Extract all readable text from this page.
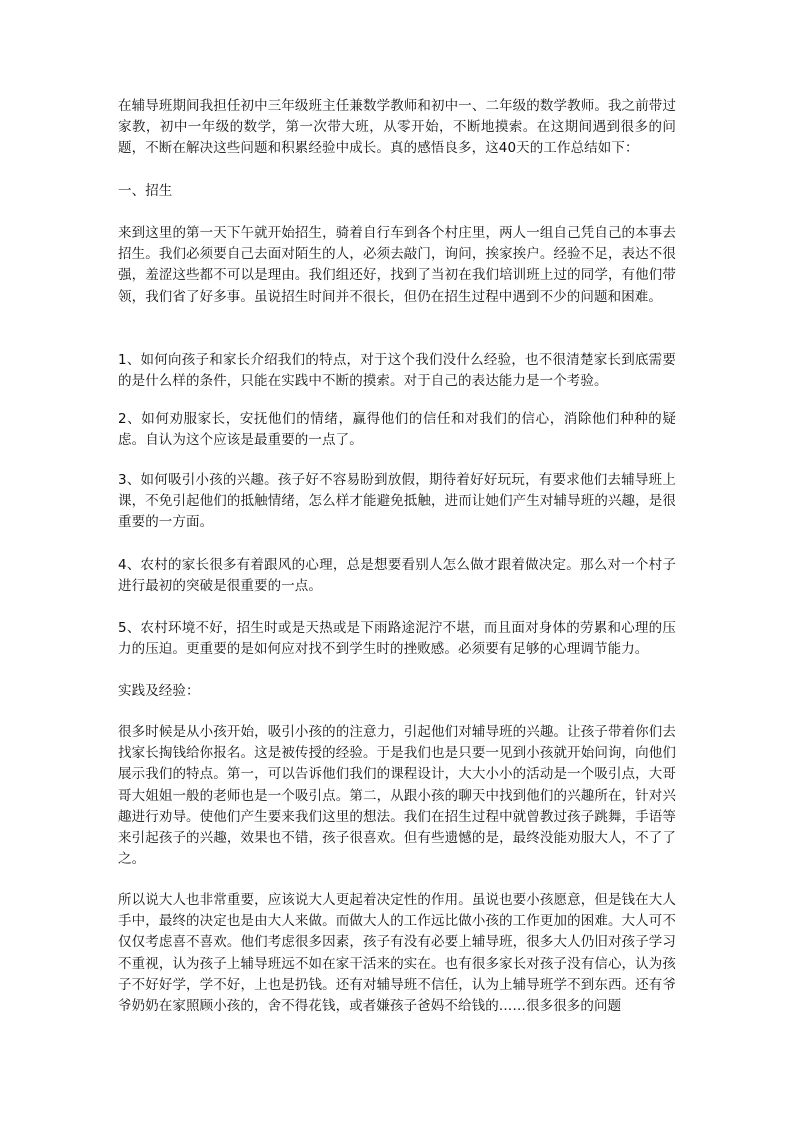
在辅导班期间我担任初中三年级班主任兼数学教师和初中一、二年级的数学教师。我之前带过家教，初中一年级的数学，第一次带大班，从零开始，不断地摸索。在这期间遇到很多的问题，不断在解决这些问题和积累经验中成长。真的感悟良多，这40天的工作总结如下：

一、招生

来到这里的第一天下午就开始招生，骑着自行车到各个村庄里，两人一组自己凭自己的本事去招生。我们必须要自己去面对陌生的人，必须去敲门，询问，挨家挨户。经验不足，表达不很强，羞涩这些都不可以是理由。我们组还好，找到了当初在我们培训班上过的同学，有他们带领，我们省了好多事。虽说招生时间并不很长，但仍在招生过程中遇到不少的问题和困难。

1、如何向孩子和家长介绍我们的特点，对于这个我们没什么经验，也不很清楚家长到底需要的是什么样的条件，只能在实践中不断的摸索。对于自己的表达能力是一个考验。

2、如何劝服家长，安抚他们的情绪，赢得他们的信任和对我们的信心，消除他们种种的疑虑。自认为这个应该是最重要的一点了。

3、如何吸引小孩的兴趣。孩子好不容易盼到放假，期待着好好玩玩，有要求他们去辅导班上课，不免引起他们的抵触情绪，怎么样才能避免抵触，进而让她们产生对辅导班的兴趣，是很重要的一方面。

4、农村的家长很多有着跟风的心理，总是想要看别人怎么做才跟着做决定。那么对一个村子进行最初的突破是很重要的一点。

5、农村环境不好，招生时或是天热或是下雨路途泥泞不堪，而且面对身体的劳累和心理的压力的压迫。更重要的是如何应对找不到学生时的挫败感。必须要有足够的心理调节能力。

实践及经验：

很多时候是从小孩开始，吸引小孩的的注意力，引起他们对辅导班的兴趣。让孩子带着你们去找家长掏钱给你报名。这是被传授的经验。于是我们也是只要一见到小孩就开始问询，向他们展示我们的特点。第一，可以告诉他们我们的课程设计，大大小小的活动是一个吸引点，大哥哥大姐姐一般的老师也是一个吸引点。第二，从跟小孩的聊天中找到他们的兴趣所在，针对兴趣进行劝导。使他们产生要来我们这里的想法。我们在招生过程中就曾教过孩子跳舞，手语等来引起孩子的兴趣，效果也不错，孩子很喜欢。但有些遗憾的是，最终没能劝服大人，不了了之。

所以说大人也非常重要，应该说大人更起着决定性的作用。虽说也要小孩愿意，但是钱在大人手中，最终的决定也是由大人来做。而做大人的工作远比做小孩的工作更加的困难。大人可不仅仅考虑喜不喜欢。他们考虑很多因素，孩子有没有必要上辅导班，很多大人仍旧对孩子学习不重视，认为孩子上辅导班远不如在家干活来的实在。也有很多家长对孩子没有信心，认为孩子不好好学，学不好，上也是扔钱。还有对辅导班不信任，认为上辅导班学不到东西。还有爷爷奶奶在家照顾小孩的，舍不得花钱，或者嫌孩子爸妈不给钱的……很多很多的问题
